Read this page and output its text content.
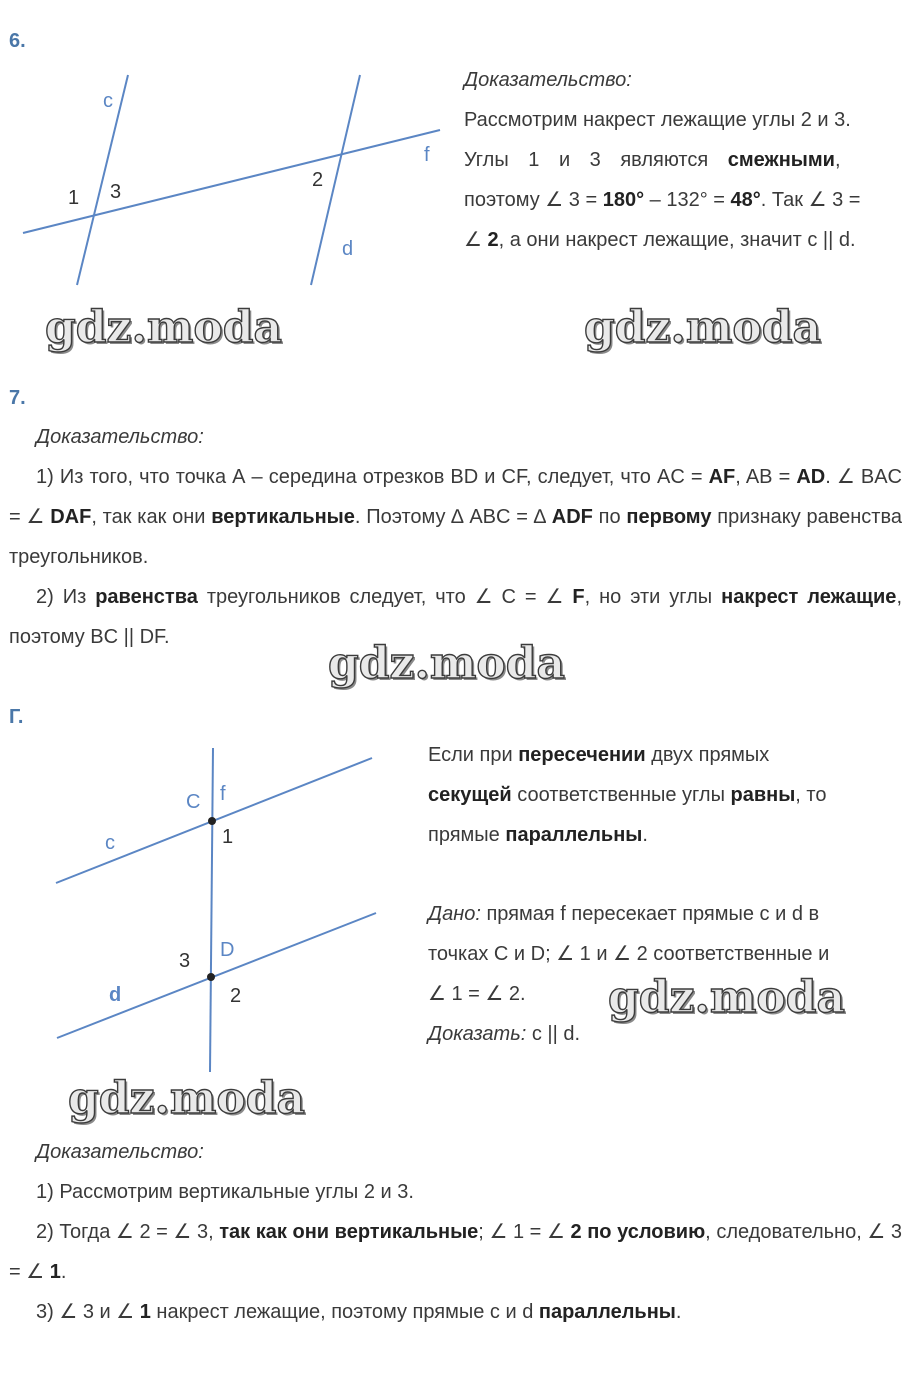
6.
c
f
d
1 3
2
Доказательство:
Рассмотрим накрест лежащие углы 2 и 3.
Углы 1 и 3 являются смежными,
поэтому ∠ 3 = 180° – 132° = 48°. Так ∠ 3 =
∠ 2, а они накрест лежащие, значит c || d.
gdz.moda	gdz.moda
7.
Доказательство:
1) Из того, что точка А – середина отрезков BD и CF, следует, что AC = AF, AB = AD. ∠ BAC = ∠ DAF, так как они вертикальные. Поэтому ∆ ABC = ∆ ADF по первому признаку равенства треугольников.
2) Из равенства треугольников следует, что ∠ C = ∠ F, но эти углы накрест лежащие, поэтому BC || DF.
gdz.moda
Г.
C f
1
c
D
3
2
d
Если при пересечении двух прямых
секущей соответственные углы равны, то
прямые параллельны.
Дано: прямая f пересекает прямые c и d в
точках C и D; ∠ 1 и ∠ 2 соответственные и
∠ 1 = ∠ 2.
Доказать: c || d.
gdz.moda
gdz.moda
Доказательство:
1) Рассмотрим вертикальные углы 2 и 3.
2) Тогда ∠ 2 = ∠ 3, так как они вертикальные; ∠ 1 = ∠ 2 по условию, следовательно, ∠ 3 = ∠ 1.
3) ∠ 3 и ∠ 1 накрест лежащие, поэтому прямые c и d параллельны.
